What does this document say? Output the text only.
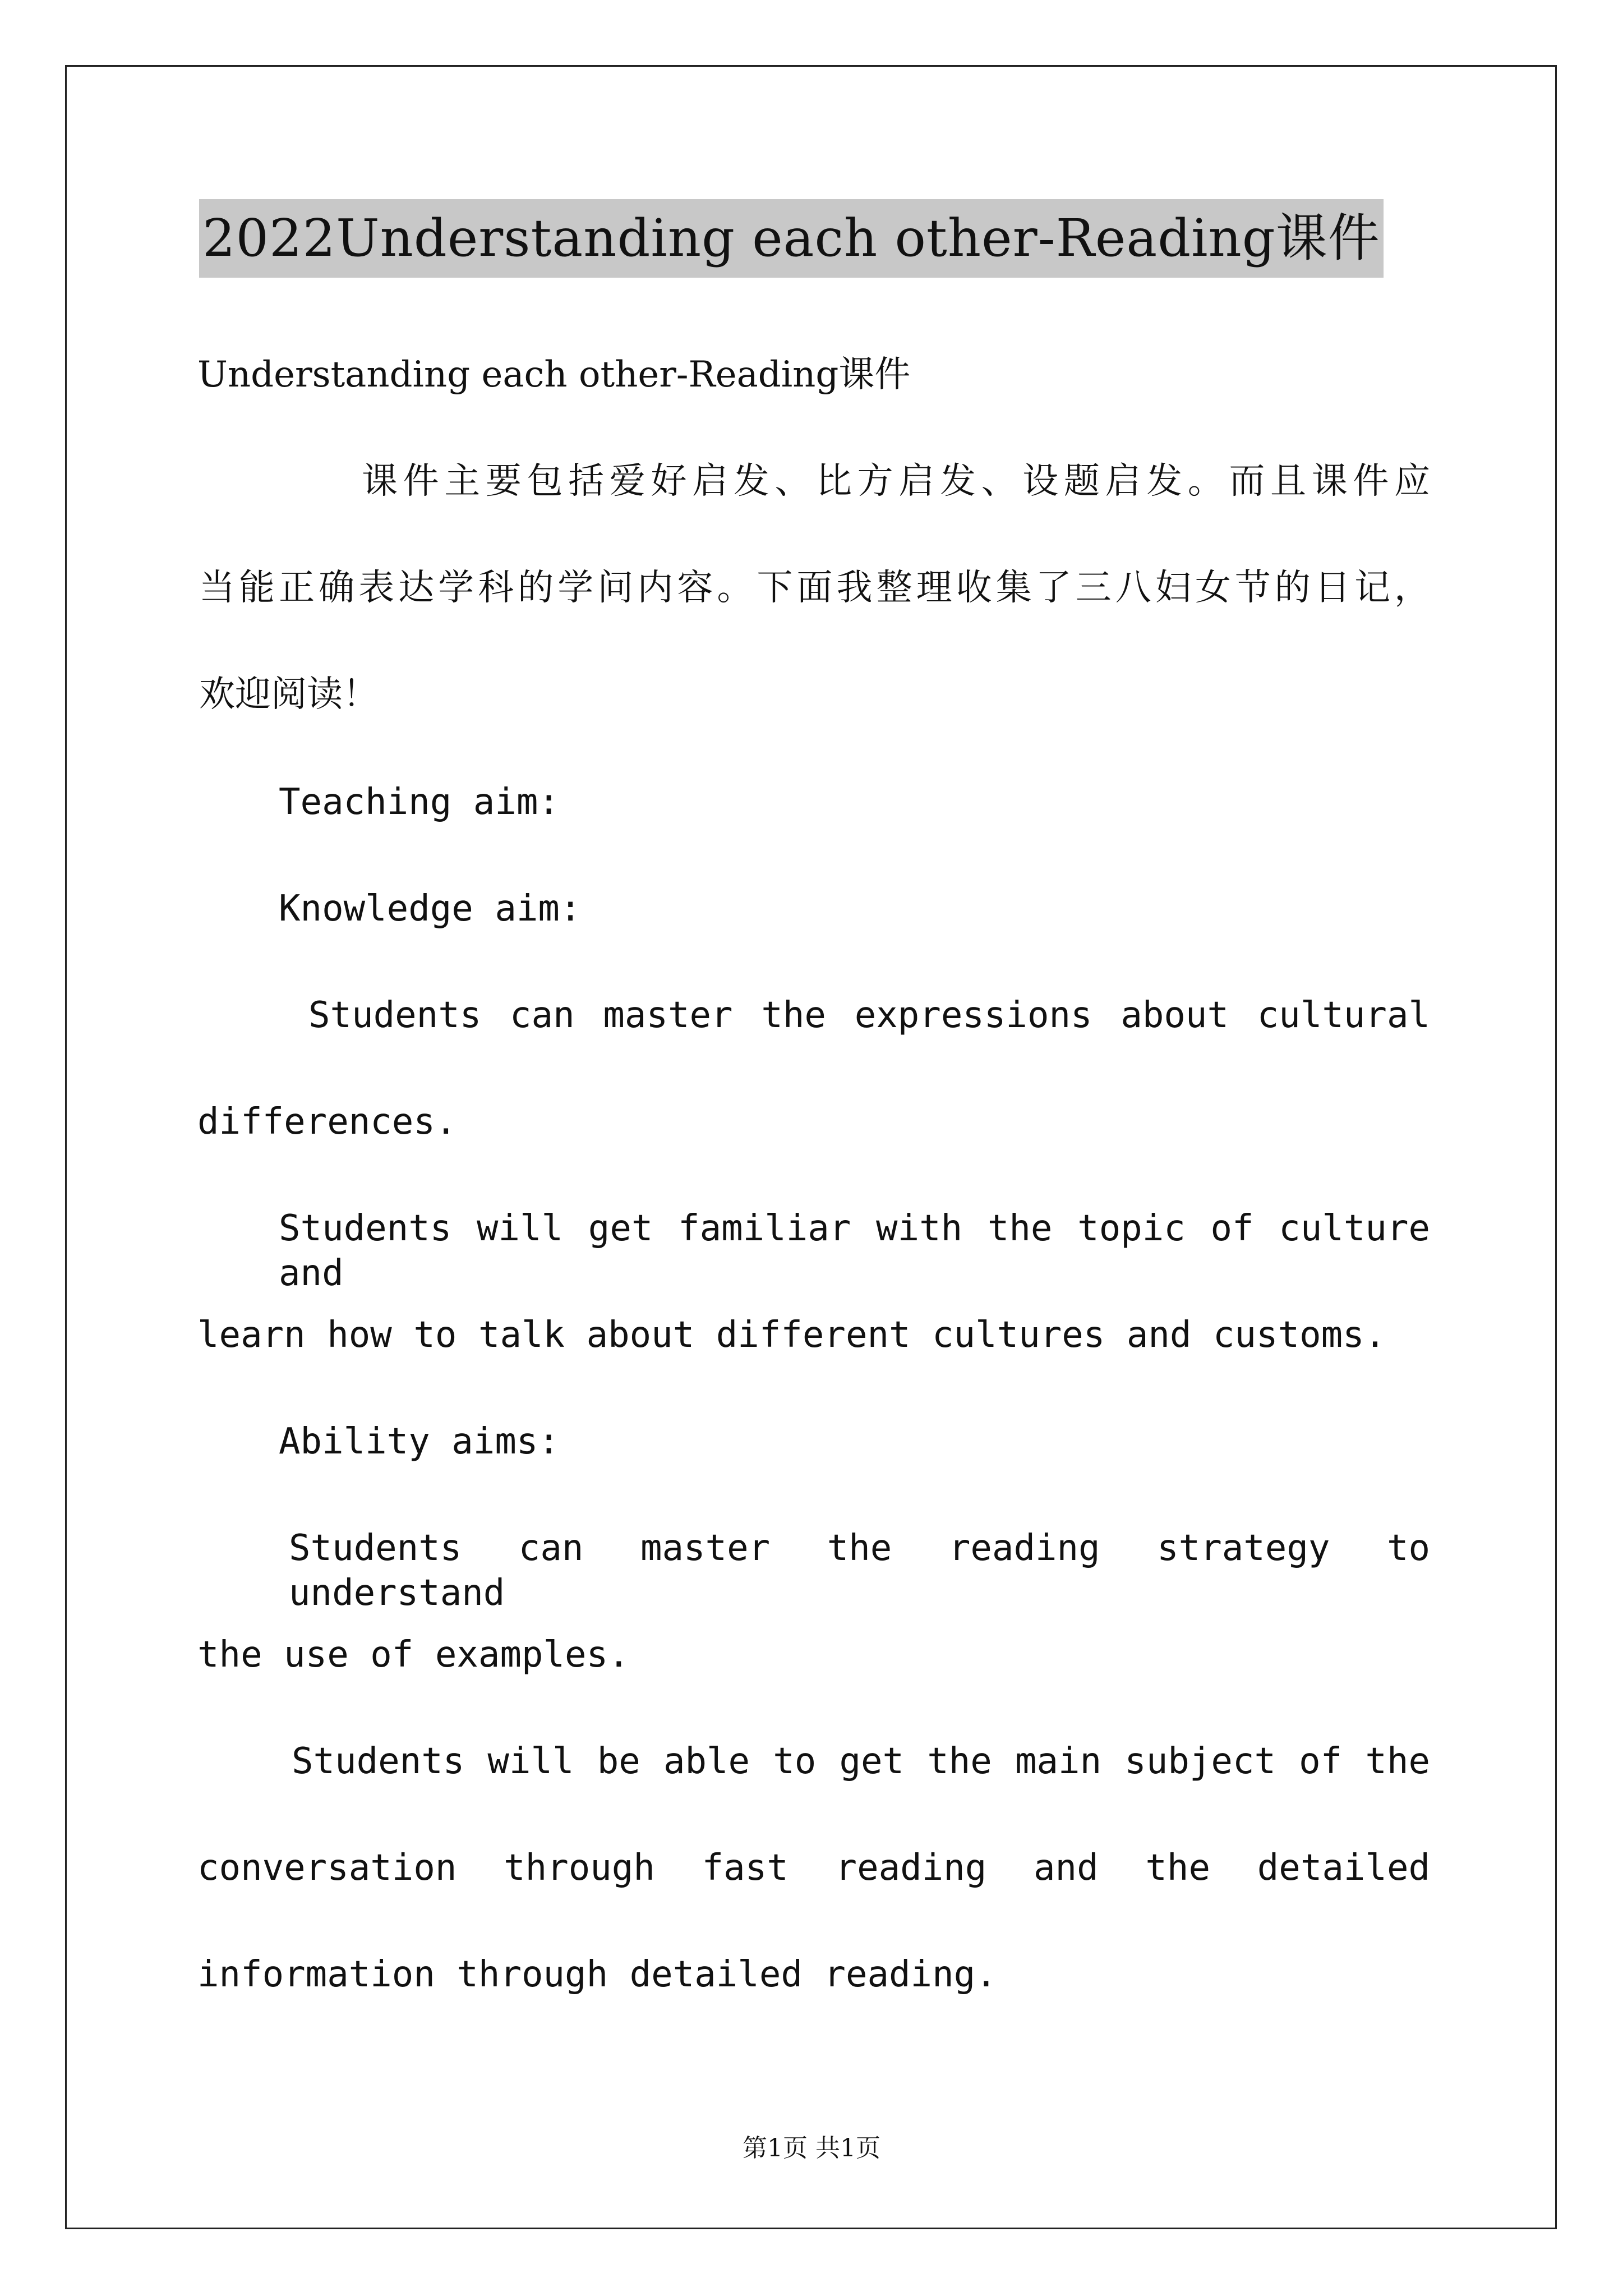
2022Understanding each other-Reading课件
Understanding each other-Reading课件
课件主要包括爱好启发、比方启发、设题启发。而且课件应
当能正确表达学科的学问内容。下面我整理收集了三八妇女节的日记，
欢迎阅读！
Teaching aim:
Knowledge aim:
Students can master the expressions about cultural
differences.
Students will get familiar with the topic of culture and
learn how to talk about different cultures and customs.
Ability aims:
Students can master the reading strategy to understand
the use of examples.
Students will be able to get the main subject of the
conversation through fast reading and the detailed
information through detailed reading.
第1页 共1页
